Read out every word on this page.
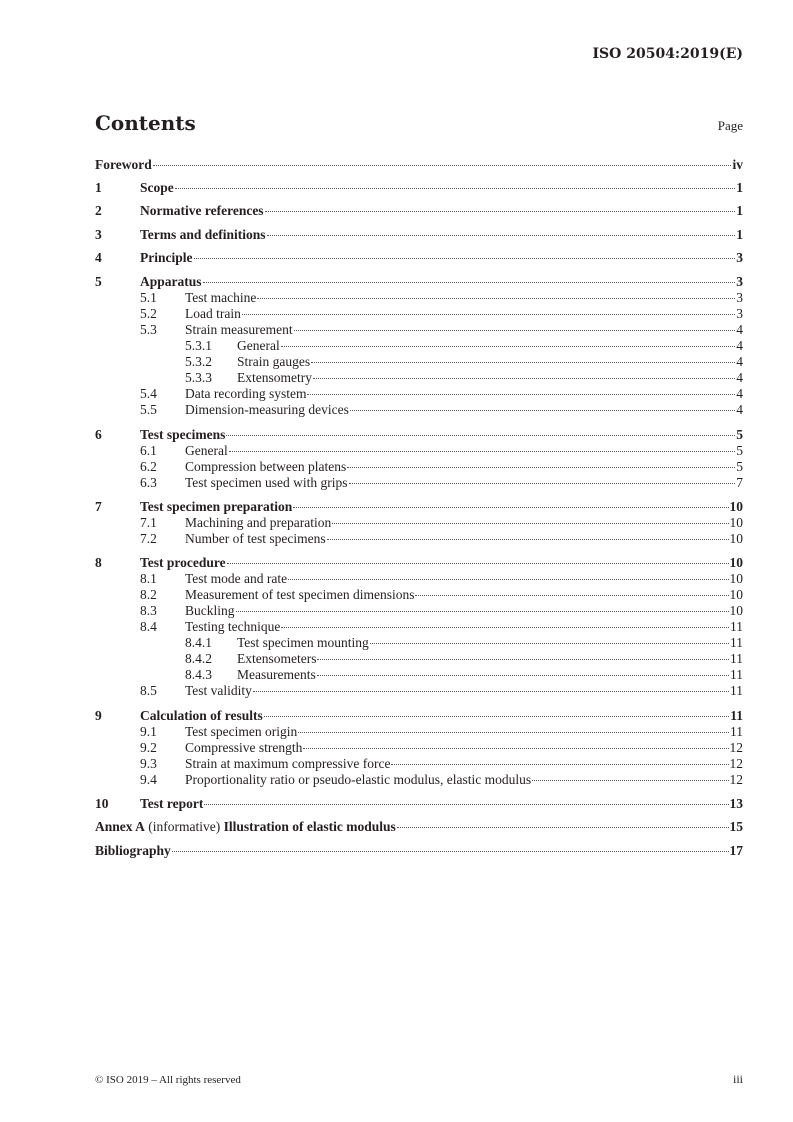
ISO 20504:2019(E)
Contents	Page
Foreword	iv
1	Scope	1
2	Normative references	1
3	Terms and definitions	1
4	Principle	3
5	Apparatus	3
5.1	Test machine	3
5.2	Load train	3
5.3	Strain measurement	4
5.3.1	General	4
5.3.2	Strain gauges	4
5.3.3	Extensometry	4
5.4	Data recording system	4
5.5	Dimension-measuring devices	4
6	Test specimens	5
6.1	General	5
6.2	Compression between platens	5
6.3	Test specimen used with grips	7
7	Test specimen preparation	10
7.1	Machining and preparation	10
7.2	Number of test specimens	10
8	Test procedure	10
8.1	Test mode and rate	10
8.2	Measurement of test specimen dimensions	10
8.3	Buckling	10
8.4	Testing technique	11
8.4.1	Test specimen mounting	11
8.4.2	Extensometers	11
8.4.3	Measurements	11
8.5	Test validity	11
9	Calculation of results	11
9.1	Test specimen origin	11
9.2	Compressive strength	12
9.3	Strain at maximum compressive force	12
9.4	Proportionality ratio or pseudo-elastic modulus, elastic modulus	12
10	Test report	13
Annex A (informative) Illustration of elastic modulus	15
Bibliography	17
© ISO 2019 – All rights reserved	iii
